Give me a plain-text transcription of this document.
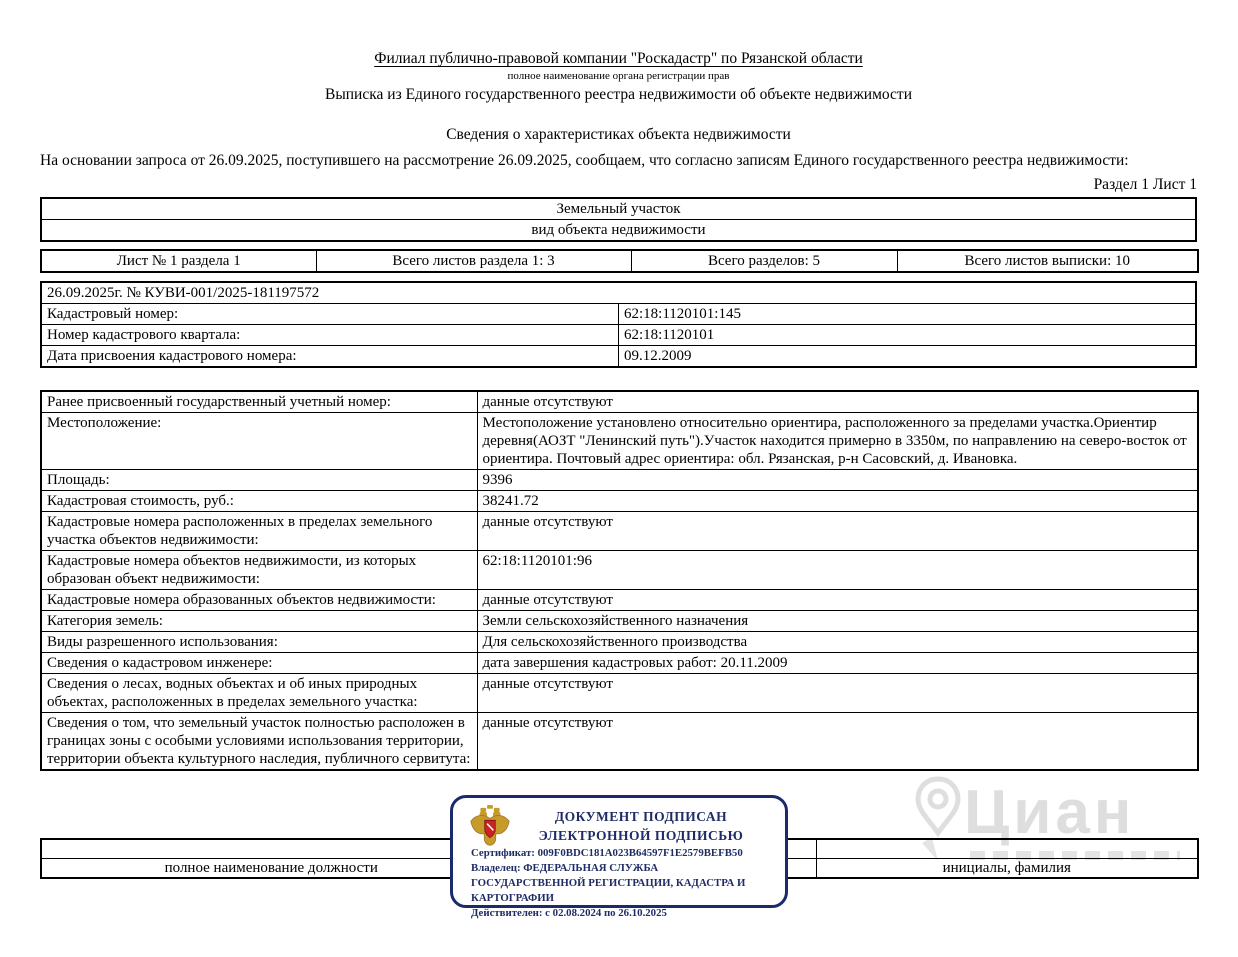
Филиал публично-правовой компании "Роскадастр" по Рязанской области
полное наименование органа регистрации прав
Выписка из Единого государственного реестра недвижимости об объекте недвижимости
Сведения о характеристиках объекта недвижимости
На основании запроса от 26.09.2025, поступившего на рассмотрение 26.09.2025, сообщаем, что согласно записям Единого государственного реестра недвижимости:
Раздел 1 Лист 1
Земельный участок
вид объекта недвижимости
Лист № 1 раздела 1	Всего листов раздела 1: 3	Всего разделов: 5	Всего листов выписки: 10
26.09.2025г. № КУВИ-001/2025-181197572	
Кадастровый номер:	62:18:1120101:145
Номер кадастрового квартала:	62:18:1120101
Дата присвоения кадастрового номера:	09.12.2009
Ранее присвоенный государственный учетный номер:	данные отсутствуют
Местоположение:	Местоположение установлено относительно ориентира, расположенного за пределами участка.Ориентир деревня(АОЗТ "Ленинский путь").Участок находится примерно в 3350м, по направлению на северо-восток от ориентира. Почтовый адрес ориентира: обл. Рязанская, р-н Сасовский, д. Ивановка.
Площадь:	9396
Кадастровая стоимость, руб.:	38241.72
Кадастровые номера расположенных в пределах земельного участка объектов недвижимости:	данные отсутствуют
Кадастровые номера объектов недвижимости, из которых образован объект недвижимости:	62:18:1120101:96
Кадастровые номера образованных объектов недвижимости:	данные отсутствуют
Категория земель:	Земли сельскохозяйственного назначения
Виды разрешенного использования:	Для сельскохозяйственного производства
Сведения о кадастровом инженере:	дата завершения кадастровых работ: 20.11.2009
Сведения о лесах, водных объектах и об иных природных объектах, расположенных в пределах земельного участка:	данные отсутствуют
Сведения о том, что земельный участок полностью расположен в границах зоны с особыми условиями использования территории, территории объекта культурного наследия, публичного сервитута:	данные отсутствуют
Циан

полное наименование должности		инициалы, фамилия
ДОКУМЕНТ ПОДПИСАН
ЭЛЕКТРОННОЙ ПОДПИСЬЮ
Сертификат: 009F0BDC181A023B64597F1E2579BEFB50
Владелец: ФЕДЕРАЛЬНАЯ СЛУЖБА ГОСУДАРСТВЕННОЙ РЕГИСТРАЦИИ, КАДАСТРА И КАРТОГРАФИИ
Действителен: с 02.08.2024 по 26.10.2025
